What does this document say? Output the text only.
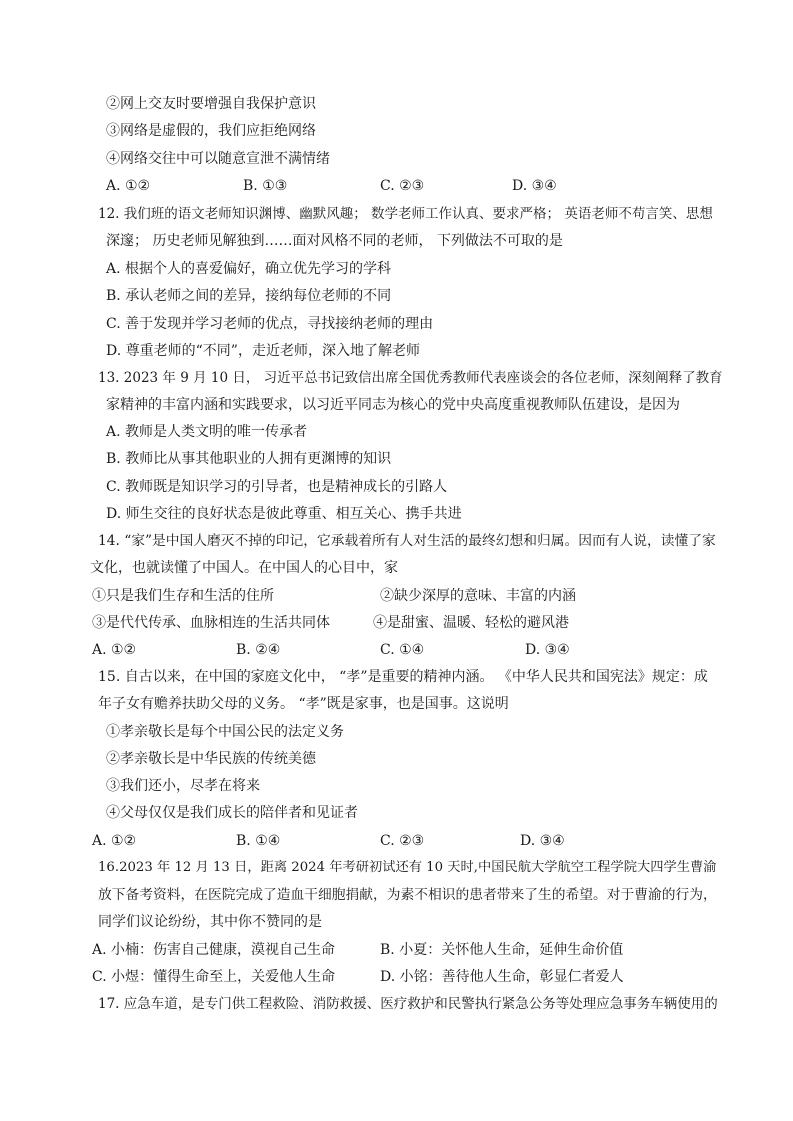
②网上交友时要增强自我保护意识
③网络是虚假的，我们应拒绝网络
④网络交往中可以随意宣泄不满情绪
A. ①②	B. ①③	C. ②③	D. ③④
12. 我们班的语文老师知识渊博、幽默风趣； 数学老师工作认真、要求严格； 英语老师不苟言笑、思想
深邃； 历史老师见解独到……面对风格不同的老师， 下列做法不可取的是
A. 根据个人的喜爱偏好，确立优先学习的学科
B. 承认老师之间的差异，接纳每位老师的不同
C. 善于发现并学习老师的优点，寻找接纳老师的理由
D. 尊重老师的“不同”，走近老师，深入地了解老师
13. 2023 年 9 月 10 日， 习近平总书记致信出席全国优秀教师代表座谈会的各位老师，深刻阐释了教育
家精神的丰富内涵和实践要求，以习近平同志为核心的党中央高度重视教师队伍建设，是因为
A. 教师是人类文明的唯一传承者
B. 教师比从事其他职业的人拥有更渊博的知识
C. 教师既是知识学习的引导者，也是精神成长的引路人
D. 师生交往的良好状态是彼此尊重、相互关心、携手共进
14. “家”是中国人磨灭不掉的印记，它承载着所有人对生活的最终幻想和归属。因而有人说，读懂了家
文化，也就读懂了中国人。在中国人的心目中，家
①只是我们生存和生活的住所	②缺少深厚的意味、丰富的内涵
③是代代传承、血脉相连的生活共同体	④是甜蜜、温暖、轻松的避风港
A. ①②	B. ②④	C. ①④	D. ③④
15. 自古以来，在中国的家庭文化中， “孝”是重要的精神内涵。 《中华人民共和国宪法》规定：成
年子女有赡养扶助父母的义务。 “孝”既是家事，也是国事。这说明
①孝亲敬长是每个中国公民的法定义务
②孝亲敬长是中华民族的传统美德
③我们还小，尽孝在将来
④父母仅仅是我们成长的陪伴者和见证者
A. ①②	B. ①④	C. ②③	D. ③④
16.2023 年 12 月 13 日，距离 2024 年考研初试还有 10 天时,中国民航大学航空工程学院大四学生曹渝
放下备考资料，在医院完成了造血干细胞捐献，为素不相识的患者带来了生的希望。对于曹渝的行为，
同学们议论纷纷，其中你不赞同的是
A. 小楠：伤害自己健康，漠视自己生命	B. 小夏：关怀他人生命，延伸生命价值
C. 小煜：懂得生命至上，关爱他人生命	D. 小铭：善待他人生命，彰显仁者爱人
17. 应急车道，是专门供工程救险、消防救援、医疗救护和民警执行紧急公务等处理应急事务车辆使用的
